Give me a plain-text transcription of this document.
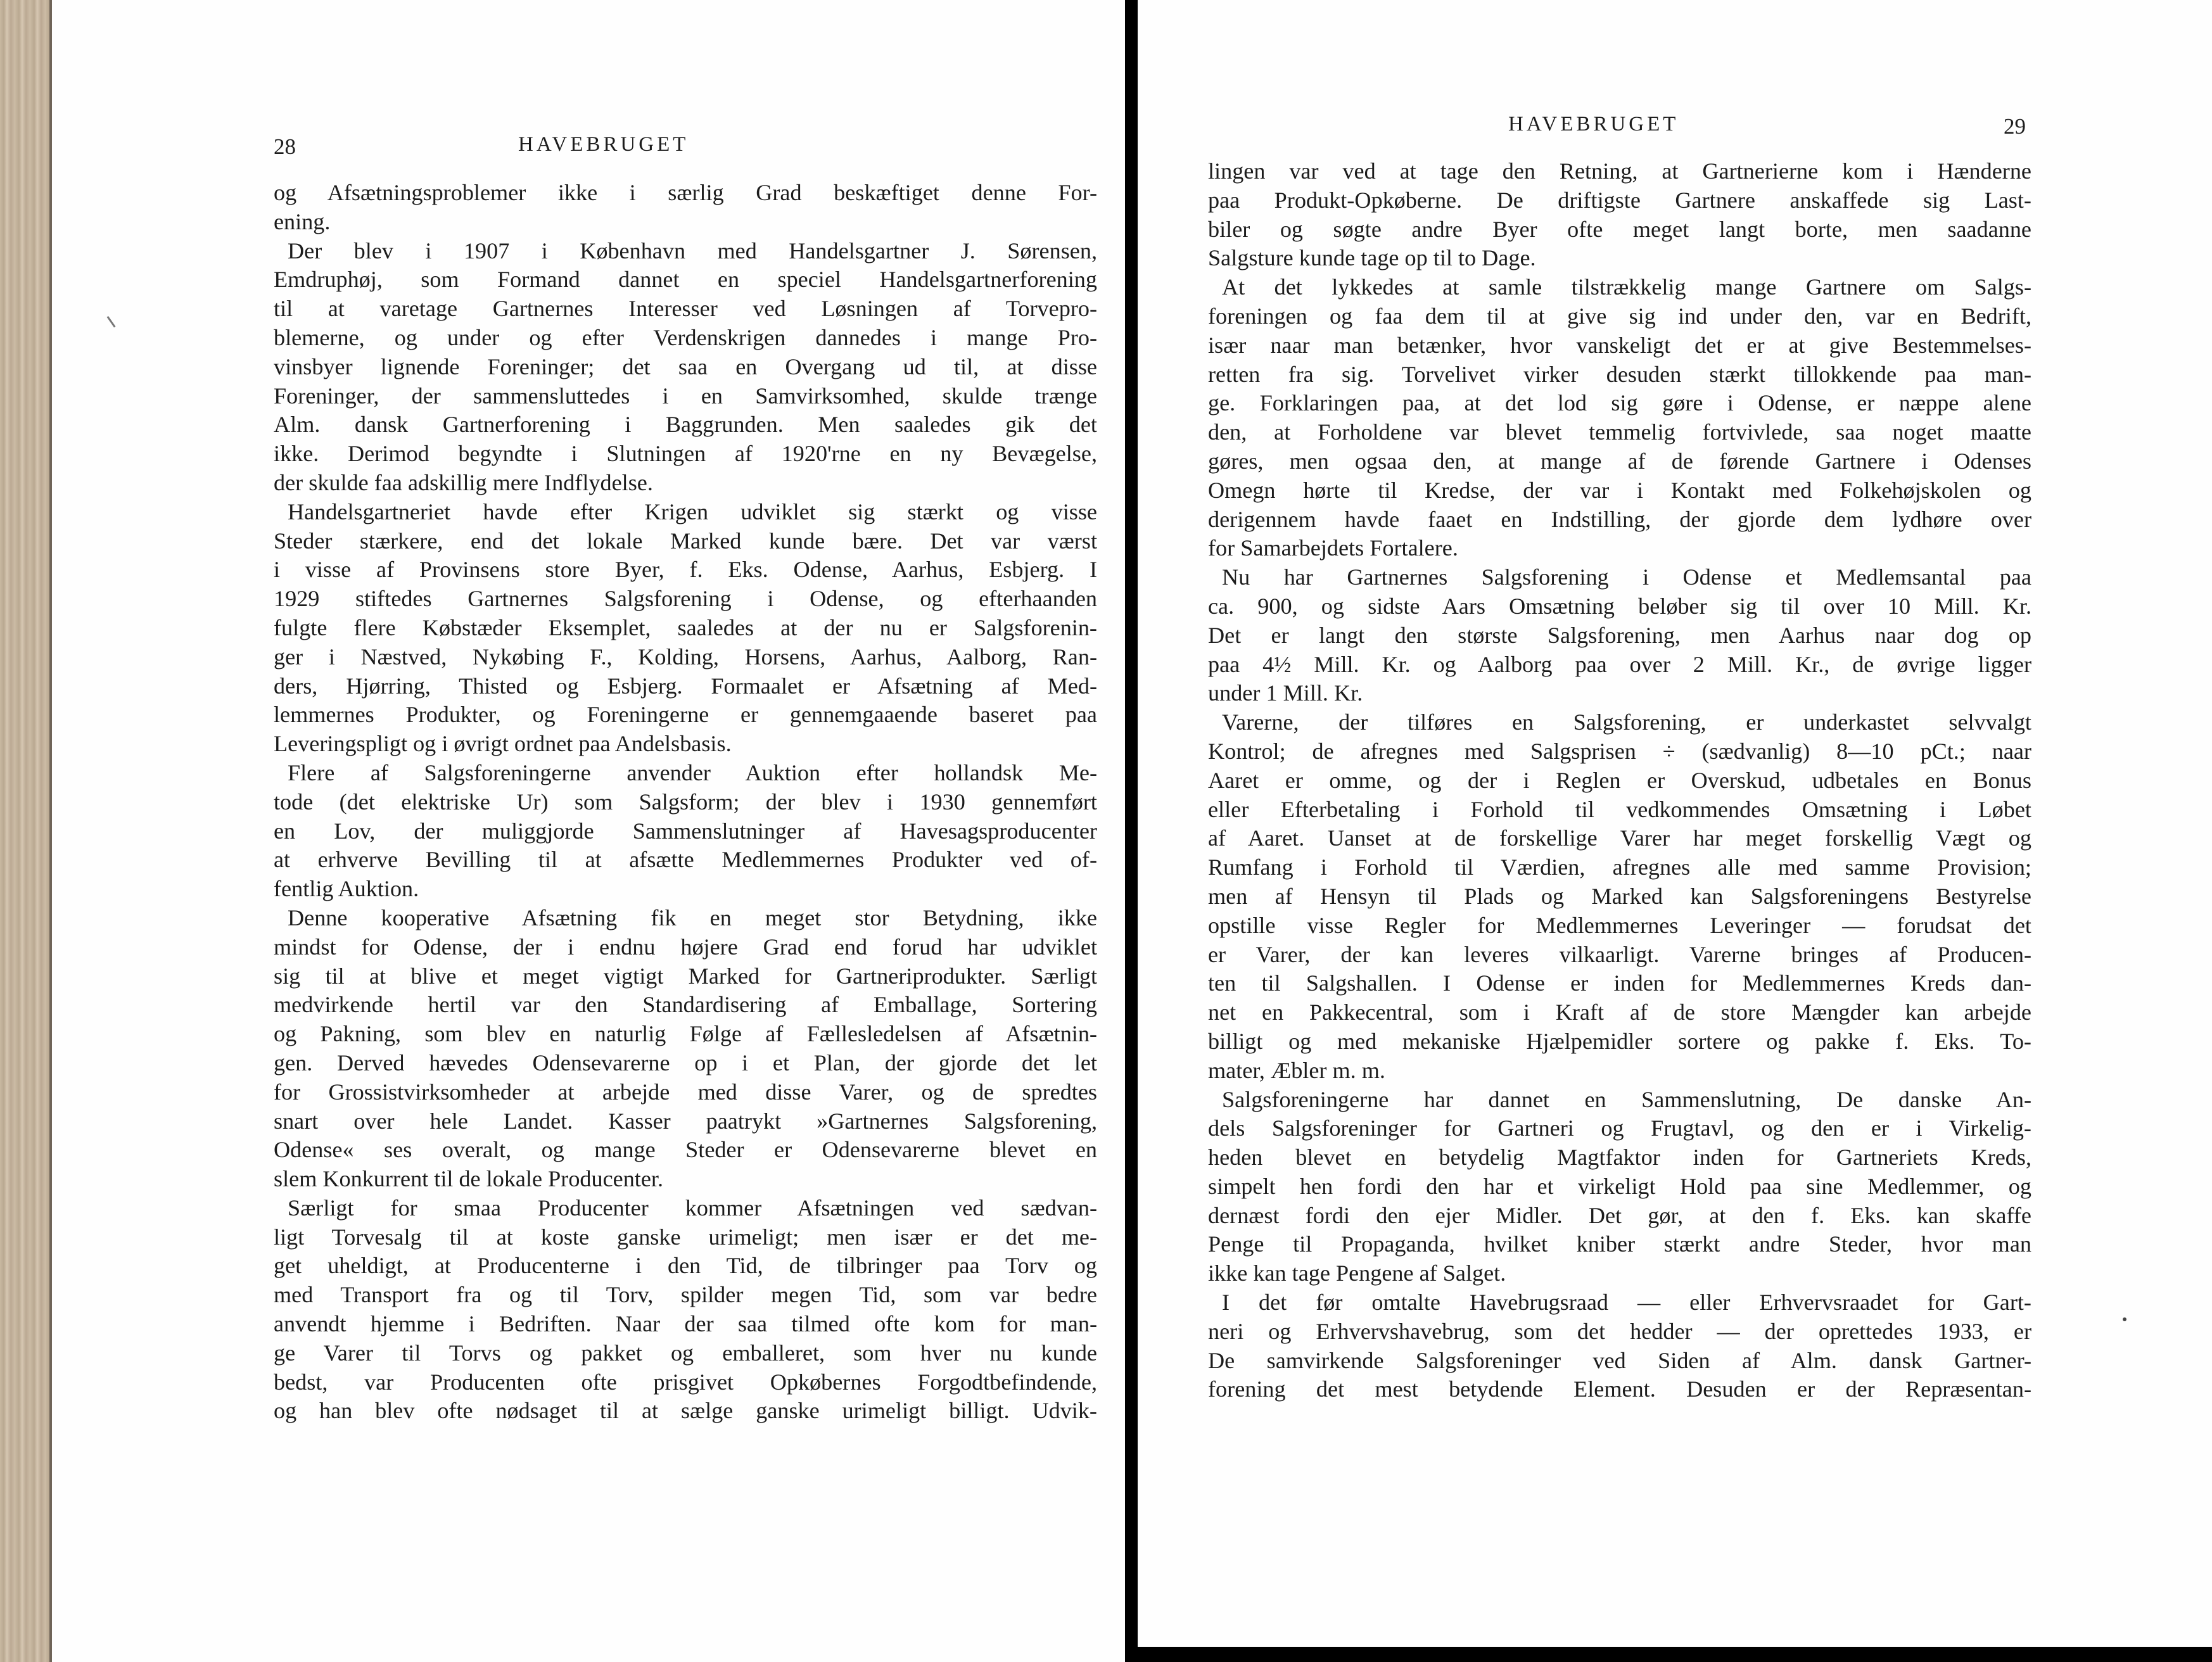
28	HAVEBRUGET
og Afsætningsproblemer ikke i særlig Grad beskæftiget denne For-
ening.
Der blev i 1907 i København med Handelsgartner J. Sørensen,
Emdruphøj, som Formand dannet en speciel Handelsgartnerforening
til at varetage Gartnernes Interesser ved Løsningen af Torvepro-
blemerne, og under og efter Verdenskrigen dannedes i mange Pro-
vinsbyer lignende Foreninger; det saa en Overgang ud til, at disse
Foreninger, der sammensluttedes i en Samvirksomhed, skulde trænge
Alm. dansk Gartnerforening i Baggrunden. Men saaledes gik det
ikke. Derimod begyndte i Slutningen af 1920'rne en ny Bevægelse,
der skulde faa adskillig mere Indflydelse.
Handelsgartneriet havde efter Krigen udviklet sig stærkt og visse
Steder stærkere, end det lokale Marked kunde bære. Det var værst
i visse af Provinsens store Byer, f. Eks. Odense, Aarhus, Esbjerg. I
1929 stiftedes Gartnernes Salgsforening i Odense, og efterhaanden
fulgte flere Købstæder Eksemplet, saaledes at der nu er Salgsforenin-
ger i Næstved, Nykøbing F., Kolding, Horsens, Aarhus, Aalborg, Ran-
ders, Hjørring, Thisted og Esbjerg. Formaalet er Afsætning af Med-
lemmernes Produkter, og Foreningerne er gennemgaaende baseret paa
Leveringspligt og i øvrigt ordnet paa Andelsbasis.
Flere af Salgsforeningerne anvender Auktion efter hollandsk Me-
tode (det elektriske Ur) som Salgsform; der blev i 1930 gennemført
en Lov, der muliggjorde Sammenslutninger af Havesagsproducenter
at erhverve Bevilling til at afsætte Medlemmernes Produkter ved of-
fentlig Auktion.
Denne kooperative Afsætning fik en meget stor Betydning, ikke
mindst for Odense, der i endnu højere Grad end forud har udviklet
sig til at blive et meget vigtigt Marked for Gartneriprodukter. Særligt
medvirkende hertil var den Standardisering af Emballage, Sortering
og Pakning, som blev en naturlig Følge af Fællesledelsen af Afsætnin-
gen. Derved hævedes Odensevarerne op i et Plan, der gjorde det let
for Grossistvirksomheder at arbejde med disse Varer, og de spredtes
snart over hele Landet. Kasser paatrykt »Gartnernes Salgsforening,
Odense« ses overalt, og mange Steder er Odensevarerne blevet en
slem Konkurrent til de lokale Producenter.
Særligt for smaa Producenter kommer Afsætningen ved sædvan-
ligt Torvesalg til at koste ganske urimeligt; men især er det me-
get uheldigt, at Producenterne i den Tid, de tilbringer paa Torv og
med Transport fra og til Torv, spilder megen Tid, som var bedre
anvendt hjemme i Bedriften. Naar der saa tilmed ofte kom for man-
ge Varer til Torvs og pakket og emballeret, som hver nu kunde
bedst, var Producenten ofte prisgivet Opkøbernes Forgodtbefindende,
og han blev ofte nødsaget til at sælge ganske urimeligt billigt. Udvik-
HAVEBRUGET	29
lingen var ved at tage den Retning, at Gartnerierne kom i Hænderne
paa Produkt-Opkøberne. De driftigste Gartnere anskaffede sig Last-
biler og søgte andre Byer ofte meget langt borte, men saadanne
Salgsture kunde tage op til to Dage.
At det lykkedes at samle tilstrækkelig mange Gartnere om Salgs-
foreningen og faa dem til at give sig ind under den, var en Bedrift,
især naar man betænker, hvor vanskeligt det er at give Bestemmelses-
retten fra sig. Torvelivet virker desuden stærkt tillokkende paa man-
ge. Forklaringen paa, at det lod sig gøre i Odense, er næppe alene
den, at Forholdene var blevet temmelig fortvivlede, saa noget maatte
gøres, men ogsaa den, at mange af de førende Gartnere i Odenses
Omegn hørte til Kredse, der var i Kontakt med Folkehøjskolen og
derigennem havde faaet en Indstilling, der gjorde dem lydhøre over
for Samarbejdets Fortalere.
Nu har Gartnernes Salgsforening i Odense et Medlemsantal paa
ca. 900, og sidste Aars Omsætning beløber sig til over 10 Mill. Kr.
Det er langt den største Salgsforening, men Aarhus naar dog op
paa 4½ Mill. Kr. og Aalborg paa over 2 Mill. Kr., de øvrige ligger
under 1 Mill. Kr.
Varerne, der tilføres en Salgsforening, er underkastet selvvalgt
Kontrol; de afregnes med Salgsprisen ÷ (sædvanlig) 8—10 pCt.; naar
Aaret er omme, og der i Reglen er Overskud, udbetales en Bonus
eller Efterbetaling i Forhold til vedkommendes Omsætning i Løbet
af Aaret. Uanset at de forskellige Varer har meget forskellig Vægt og
Rumfang i Forhold til Værdien, afregnes alle med samme Provision;
men af Hensyn til Plads og Marked kan Salgsforeningens Bestyrelse
opstille visse Regler for Medlemmernes Leveringer — forudsat det
er Varer, der kan leveres vilkaarligt. Varerne bringes af Producen-
ten til Salgshallen. I Odense er inden for Medlemmernes Kreds dan-
net en Pakkecentral, som i Kraft af de store Mængder kan arbejde
billigt og med mekaniske Hjælpemidler sortere og pakke f. Eks. To-
mater, Æbler m. m.
Salgsforeningerne har dannet en Sammenslutning, De danske An-
dels Salgsforeninger for Gartneri og Frugtavl, og den er i Virkelig-
heden blevet en betydelig Magtfaktor inden for Gartneriets Kreds,
simpelt hen fordi den har et virkeligt Hold paa sine Medlemmer, og
dernæst fordi den ejer Midler. Det gør, at den f. Eks. kan skaffe
Penge til Propaganda, hvilket kniber stærkt andre Steder, hvor man
ikke kan tage Pengene af Salget.
I det før omtalte Havebrugsraad — eller Erhvervsraadet for Gart-
neri og Erhvervshavebrug, som det hedder — der oprettedes 1933, er
De samvirkende Salgsforeninger ved Siden af Alm. dansk Gartner-
forening det mest betydende Element. Desuden er der Repræsentan-
